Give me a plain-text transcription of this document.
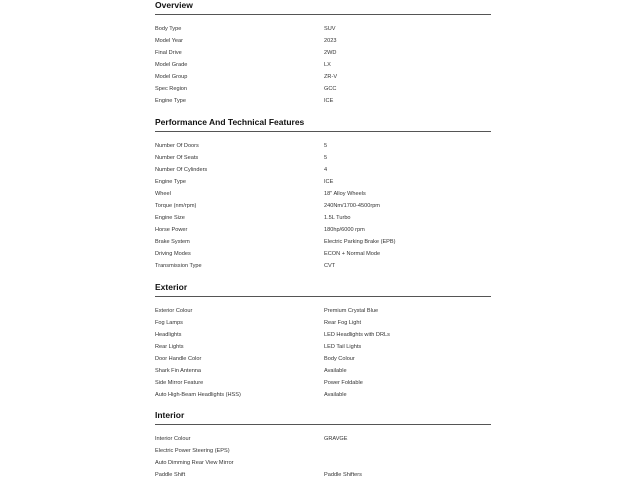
Overview
Body Type	SUV
Model Year	2023
Final Drive	2WD
Model Grade	LX
Model Group	ZR-V
Spec Region	GCC
Engine Type	ICE
Performance And Technical Features
Number Of Doors	5
Number Of Seats	5
Number Of Cylinders	4
Engine Type	ICE
Wheel	18" Alloy Wheels
Torque (nm/rpm)	240Nm/1700-4500rpm
Engine Size	1.5L Turbo
Horse Power	180hp/6000 rpm
Brake System	Electric Parking Brake (EPB)
Driving Modes	ECON + Normal Mode
Transmission Type	CVT
Exterior
Exterior Colour	Premium Crystal Blue
Fog Lamps	Rear Fog Light
Headlights	LED Headlights with DRLs
Rear Lights	LED Tail Lights
Door Handle Color	Body Colour
Shark Fin Antenna	Available
Side Mirror Feature	Power Foldable
Auto High-Beam Headlights (HSS)	Available
Interior
Interior Colour	GRAVGE
Electric Power Steering (EPS)
Auto Dimming Rear View Mirror
Paddle Shift	Paddle Shifters
